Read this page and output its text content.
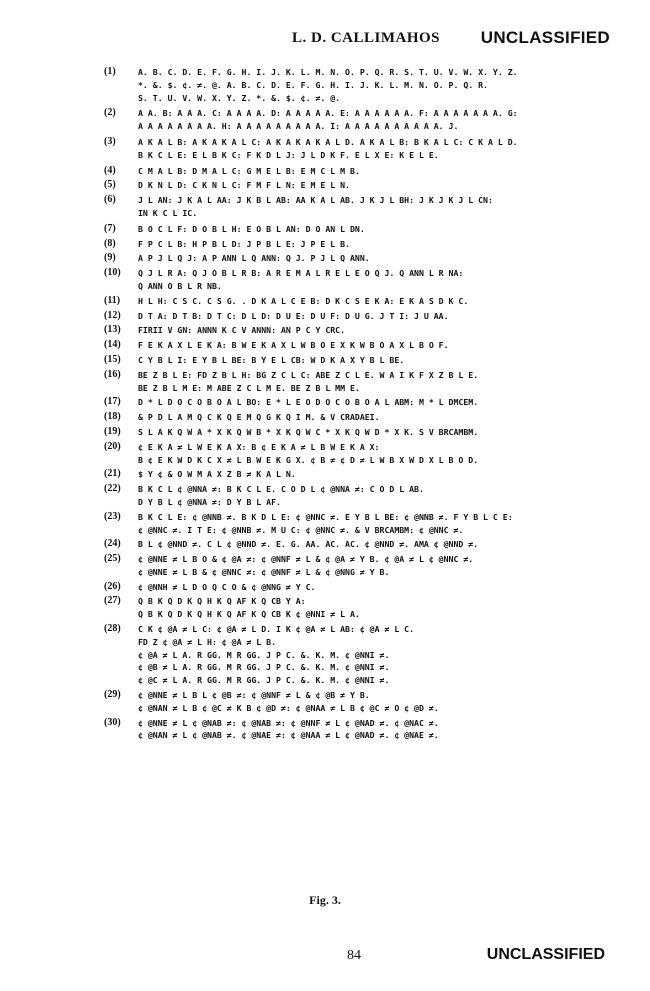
L. D. CALLIMAHOS UNCLASSIFIED
(1)	A. B. C. D. E. F. G. H. I. J. K. L. M. N. O. P. Q. R. S. T. U. V. W. X. Y. Z.
*. &. $. ¢. ≠. @. A. B. C. D. E. F. G. H. I. J. K. L. M. N. O. P. Q. R.
S. T. U. V. W. X. Y. Z. *. &. $. ¢. ≠. @.
(2)	A A. B: A A A. C: A A A A. D: A A A A A. E: A A A A A A. F: A A A A A A A. G:
A A A A A A A A. H: A A A A A A A A A. I: A A A A A A A A A A. J.
(3)	A K A L B: A K A K A L C: A K A K A K A L D. A K A L B: B K A L C: C K A L D.
B K C L E: E L B K C: F K D L J: J L D K F. E L X E: K E L E.
(4)	C M A L B: D M A L C: G M E L B: E M C L M B.
(5)	D K N L D: C K N L C: F M F L N: E M E L N.
(6)	J L AN: J K A L AA: J K B L AB: AA K A L AB. J K J L BH: J K J K J L CN:
IN K C L IC.
(7)	B O C L F: D O B L H: E O B L AN: D O AN L DN.
(8)	F P C L B: H P B L D: J P B L E: J P E L B.
(9)	A P J L Q J: A P ANN L Q ANN: Q J. P J L Q ANN.
(10)	Q J L R A: Q J O B L R B: A R E M A L R E L E O Q J. Q ANN L R NA:
Q ANN O B L R NB.
(11)	H L H: C S C. C S G. . D K A L C E B: D K C S E K A: E K A S D K C.
(12)	D T A: D T B: D T C: D L D: D U E: D U F: D U G. J T I: J U AA.
(13)	FIRII V GN: ANNN K C V ANNN: AN P C Y CRC.
(14)	F E K A X L E K A: B W E K A X L W B O E X K W B O A X L B O F.
(15)	C Y B L I: E Y B L BE: B Y E L CB: W D K A X Y B L BE.
(16)	BE Z B L E: FD Z B L H: BG Z C L C: ABE Z C L E. W A I K F X Z B L E.
BE Z B L M E: M ABE Z C L M E. BE Z B L MM E.
(17)	D * L D O C O B O A L BO: E * L E O D O C O B O A L ABM: M * L DMCEM.
(18)	& P D L A M Q C K Q E M Q G K Q I M. & V CRADAEI.
(19)	S L A K Q W A * X K Q W B * X K Q W C * X K Q W D * X K. S V BRCAMBM.
(20)	¢ E K A ≠ L W E K A X: B ¢ E K A ≠ L B W E K A X:
B ¢ E K W D K C X ≠ L B W E K G X. ¢ B ≠ ¢ D ≠ L W B X W D X L B O D.
(21)	$ Y ¢ & O W M A X Z B ≠ K A L N.
(22)	B K C L ¢ @NNA ≠: B K C L E. C O D L ¢ @NNA ≠: C O D L AB.
D Y B L ¢ @NNA ≠: D Y B L AF.
(23)	B K C L E: ¢ @NNB ≠. B K D L E: ¢ @NNC ≠. E Y B L BE: ¢ @NNB ≠. F Y B L C E:
¢ @NNC ≠. I T E: ¢ @NNB ≠. M U C: ¢ @NNC ≠. & V BRCAMBM: ¢ @NNC ≠.
(24)	B L ¢ @NND ≠. C L ¢ @NND ≠. E. G. AA. AC. AC. ¢ @NND ≠. AMA ¢ @NND ≠.
(25)	¢ @NNE ≠ L B O & ¢ @A ≠: ¢ @NNF ≠ L & ¢ @A ≠ Y B. ¢ @A ≠ L ¢ @NNC ≠.
¢ @NNE ≠ L B & ¢ @NNC ≠: ¢ @NNF ≠ L & ¢ @NNG ≠ Y B.
(26)	¢ @NNH ≠ L D O Q C O & ¢ @NNG ≠ Y C.
(27)	Q B K Q D K Q H K Q AF K Q CB Y A:
Q B K Q D K Q H K Q AF K Q CB K ¢ @NNI ≠ L A.
(28)	C K ¢ @A ≠ L C: ¢ @A ≠ L D. I K ¢ @A ≠ L AB: ¢ @A ≠ L C.
FD Z ¢ @A ≠ L H: ¢ @A ≠ L B.
¢ @A ≠ L A. R GG. M R GG. J P C. &. K. M. ¢ @NNI ≠.
¢ @B ≠ L A. R GG. M R GG. J P C. &. K. M. ¢ @NNI ≠.
¢ @C ≠ L A. R GG. M R GG. J P C. &. K. M. ¢ @NNI ≠.
(29)	¢ @NNE ≠ L B L ¢ @B ≠: ¢ @NNF ≠ L & ¢ @B ≠ Y B.
¢ @NAN ≠ L B ¢ @C ≠ K B ¢ @D ≠: ¢ @NAA ≠ L B ¢ @C ≠ O ¢ @D ≠.
(30)	¢ @NNE ≠ L ¢ @NAB ≠: ¢ @NAB ≠: ¢ @NNF ≠ L ¢ @NAD ≠. ¢ @NAC ≠.
¢ @NAN ≠ L ¢ @NAB ≠. ¢ @NAE ≠: ¢ @NAA ≠ L ¢ @NAD ≠. ¢ @NAE ≠.
Fig. 3.
84	UNCLASSIFIED
